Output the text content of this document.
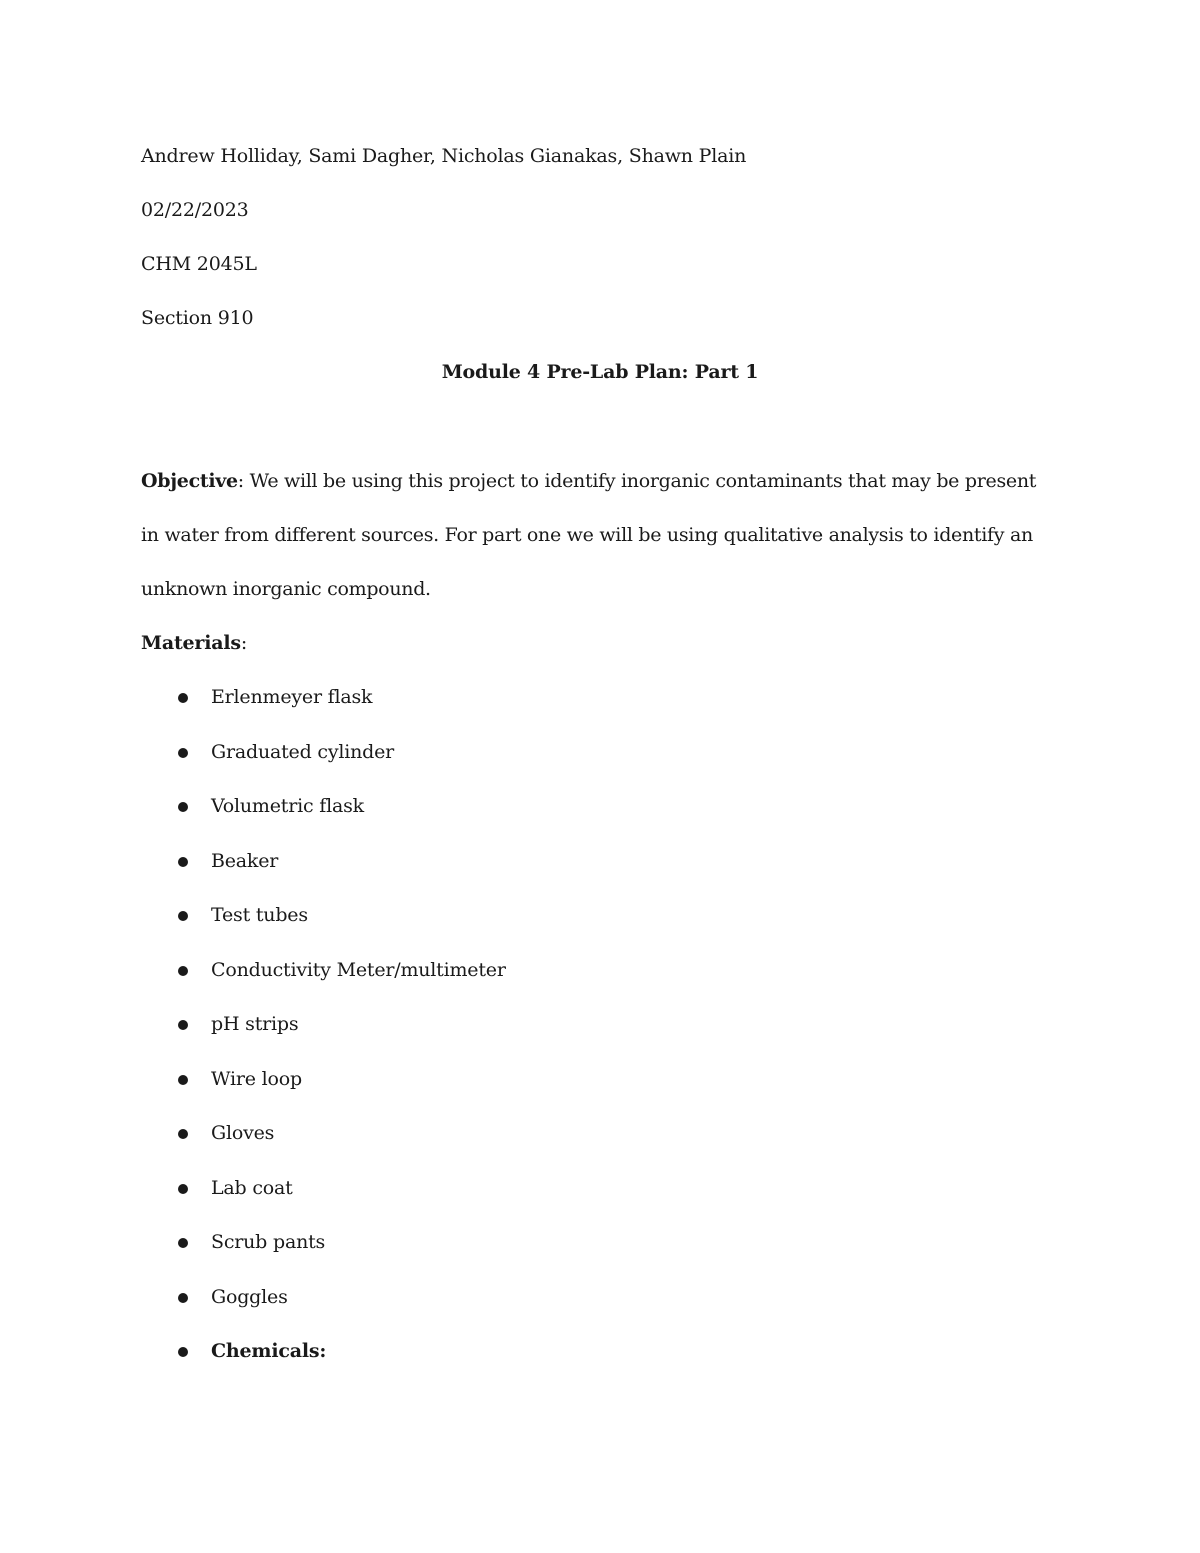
Andrew Holliday, Sami Dagher, Nicholas Gianakas, Shawn Plain
02/22/2023
CHM 2045L
Section 910
Module 4 Pre-Lab Plan: Part 1
Objective: We will be using this project to identify inorganic contaminants that may be present in water from different sources. For part one we will be using qualitative analysis to identify an unknown inorganic compound.
Materials:
Erlenmeyer flask
Graduated cylinder
Volumetric flask
Beaker
Test tubes
Conductivity Meter/multimeter
pH strips
Wire loop
Gloves
Lab coat
Scrub pants
Goggles
Chemicals:
